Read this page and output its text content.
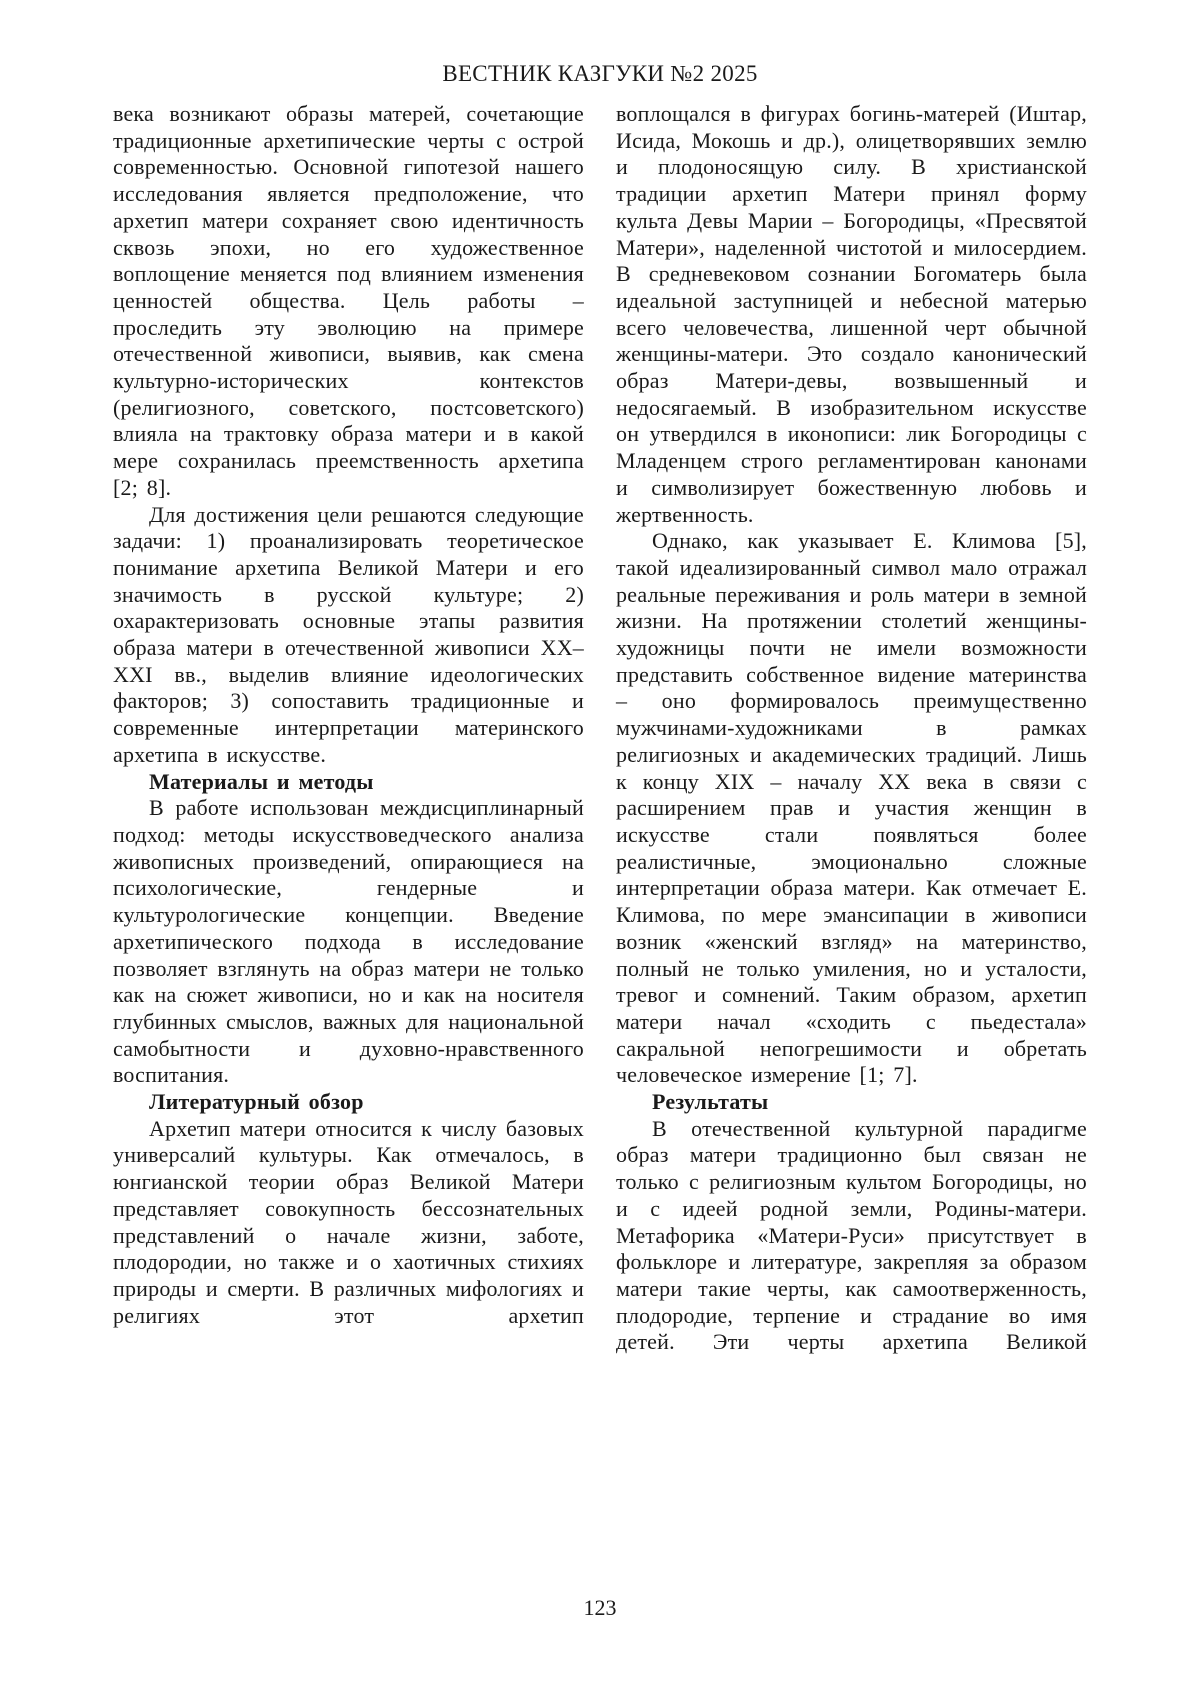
ВЕСТНИК КАЗГУКИ №2 2025

века возникают образы матерей, сочетающие традиционные архетипические черты с острой современностью. Основной гипотезой нашего исследования является предположение, что архетип матери сохраняет свою идентичность сквозь эпохи, но его художественное воплощение меняется под влиянием изменения ценностей общества. Цель работы – проследить эту эволюцию на примере отечественной живописи, выявив, как смена культурно-исторических контекстов (религиозного, советского, постсоветского) влияла на трактовку образа матери и в какой мере сохранилась преемственность архетипа [2; 8].

Для достижения цели решаются следующие задачи: 1) проанализировать теоретическое понимание архетипа Великой Матери и его значимость в русской культуре; 2) охарактеризовать основные этапы развития образа матери в отечественной живописи XX–XXI вв., выделив влияние идеологических факторов; 3) сопоставить традиционные и современные интерпретации материнского архетипа в искусстве.

Материалы и методы

В работе использован междисциплинарный подход: методы искусствоведческого анализа живописных произведений, опирающиеся на психологические, гендерные и культурологические концепции. Введение архетипического подхода в исследование позволяет взглянуть на образ матери не только как на сюжет живописи, но и как на носителя глубинных смыслов, важных для национальной самобытности и духовно-нравственного воспитания.

Литературный обзор

Архетип матери относится к числу базовых универсалий культуры. Как отмечалось, в юнгианской теории образ Великой Матери представляет совокупность бессознательных представлений о начале жизни, заботе, плодородии, но также и о хаотичных стихиях природы и смерти. В различных мифологиях и религиях этот архетип

воплощался в фигурах богинь-матерей (Иштар, Исида, Мокошь и др.), олицетворявших землю и плодоносящую силу. В христианской традиции архетип Матери принял форму культа Девы Марии – Богородицы, «Пресвятой Матери», наделенной чистотой и милосердием. В средневековом сознании Богоматерь была идеальной заступницей и небесной матерью всего человечества, лишенной черт обычной женщины-матери. Это создало канонический образ Матери-девы, возвышенный и недосягаемый. В изобразительном искусстве он утвердился в иконописи: лик Богородицы с Младенцем строго регламентирован канонами и символизирует божественную любовь и жертвенность.

Однако, как указывает Е. Климова [5], такой идеализированный символ мало отражал реальные переживания и роль матери в земной жизни. На протяжении столетий женщины-художницы почти не имели возможности представить собственное видение материнства – оно формировалось преимущественно мужчинами-художниками в рамках религиозных и академических традиций. Лишь к концу XIX – началу XX века в связи с расширением прав и участия женщин в искусстве стали появляться более реалистичные, эмоционально сложные интерпретации образа матери. Как отмечает Е. Климова, по мере эмансипации в живописи возник «женский взгляд» на материнство, полный не только умиления, но и усталости, тревог и сомнений. Таким образом, архетип матери начал «сходить с пьедестала» сакральной непогрешимости и обретать человеческое измерение [1; 7].

Результаты

В отечественной культурной парадигме образ матери традиционно был связан не только с религиозным культом Богородицы, но и с идеей родной земли, Родины-матери. Метафорика «Матери-Руси» присутствует в фольклоре и литературе, закрепляя за образом матери такие черты, как самоотверженность, плодородие, терпение и страдание во имя детей. Эти черты архетипа Великой

123
